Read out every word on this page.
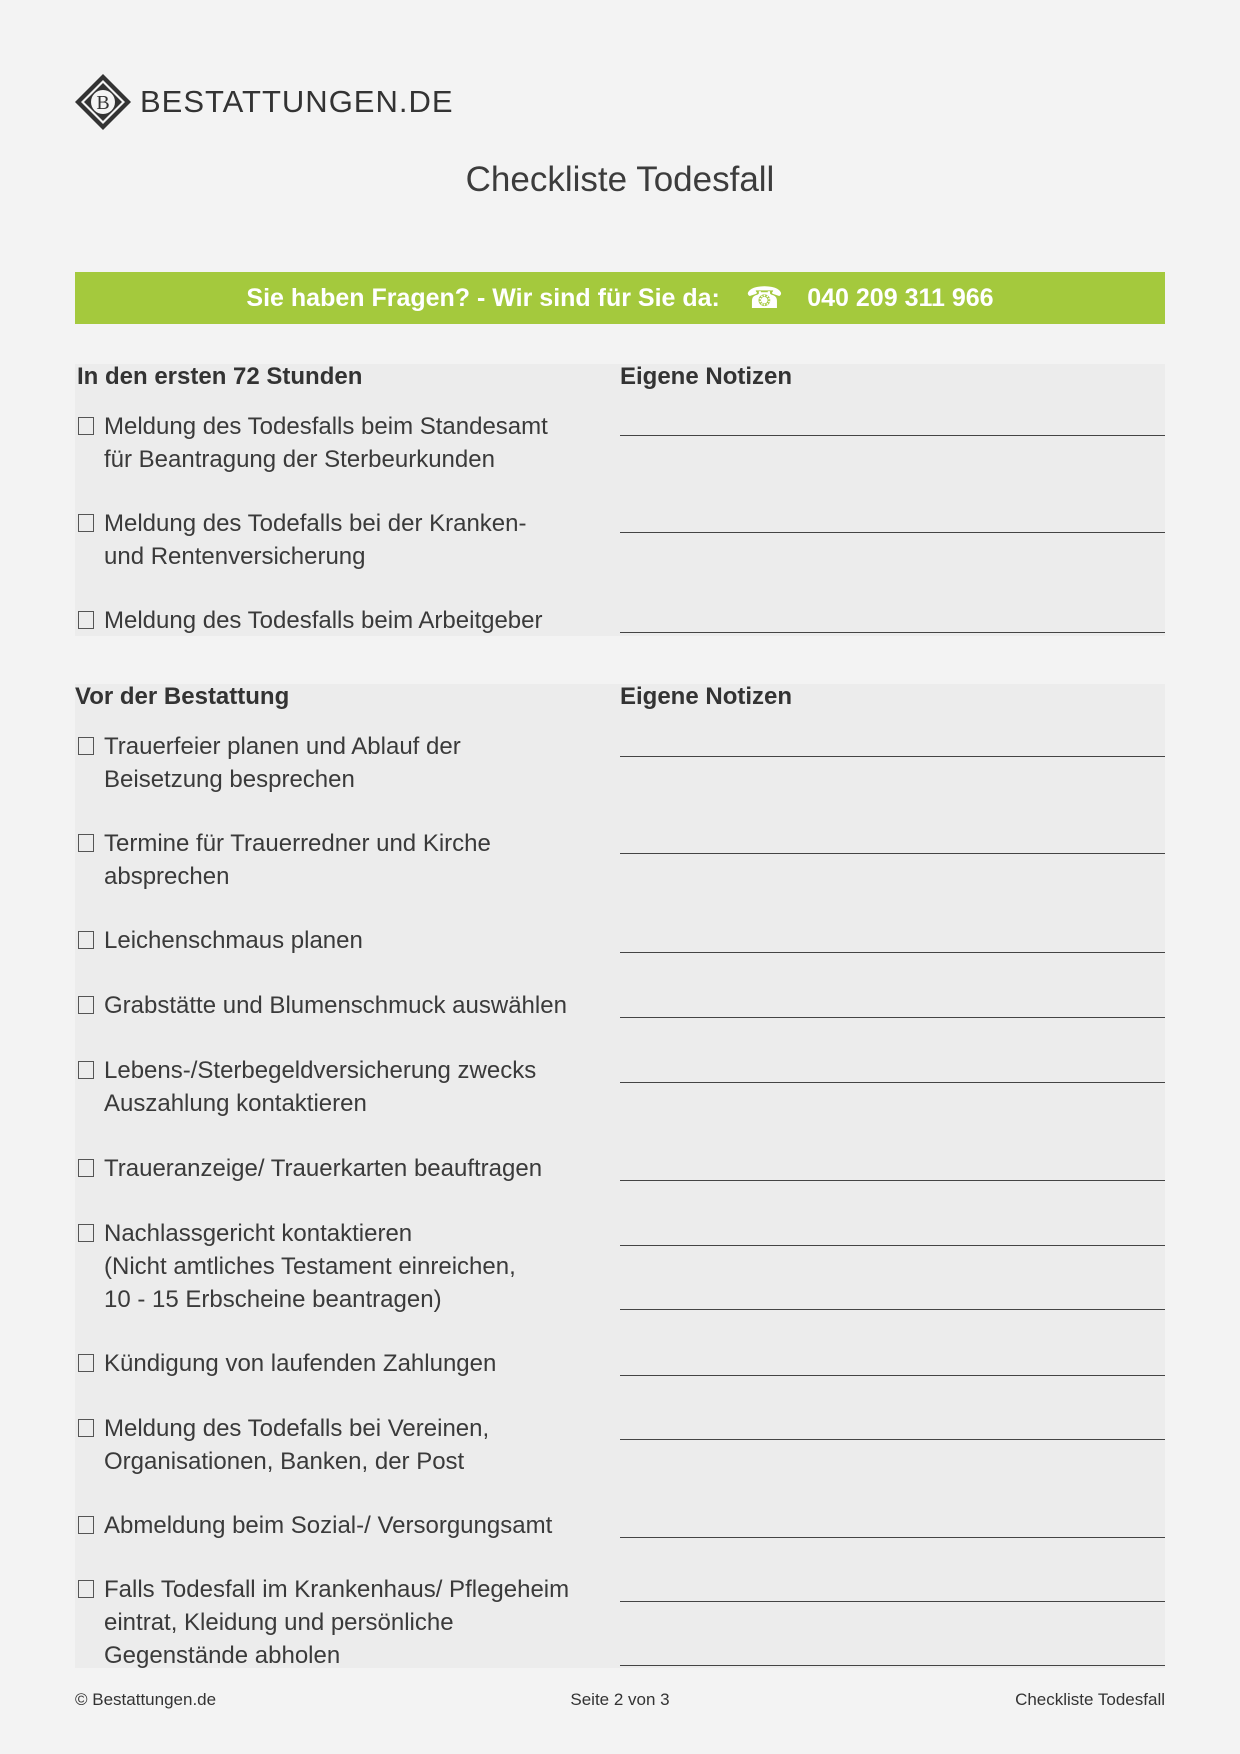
B BESTATTUNGEN.DE
Checkliste Todesfall
Sie haben Fragen? - Wir sind für Sie da: ☎ 040 209 311 966
In den ersten 72 Stunden	Eigene Notizen
Meldung des Todesfalls beim Standesamt
für Beantragung der Sterbeurkunden
Meldung des Todefalls bei der Kranken-
und Rentenversicherung
Meldung des Todesfalls beim Arbeitgeber
Vor der Bestattung	Eigene Notizen
Trauerfeier planen und Ablauf der
Beisetzung besprechen
Termine für Trauerredner und Kirche
absprechen
Leichenschmaus planen
Grabstätte und Blumenschmuck auswählen
Lebens-/Sterbegeldversicherung zwecks
Auszahlung kontaktieren
Traueranzeige/ Trauerkarten beauftragen
Nachlassgericht kontaktieren
(Nicht amtliches Testament einreichen,
10 - 15 Erbscheine beantragen)
Kündigung von laufenden Zahlungen
Meldung des Todefalls bei Vereinen,
Organisationen, Banken, der Post
Abmeldung beim Sozial-/ Versorgungsamt
Falls Todesfall im Krankenhaus/ Pflegeheim
eintrat, Kleidung und persönliche
Gegenstände abholen
© Bestattungen.de	Seite 2 von 3	Checkliste Todesfall
